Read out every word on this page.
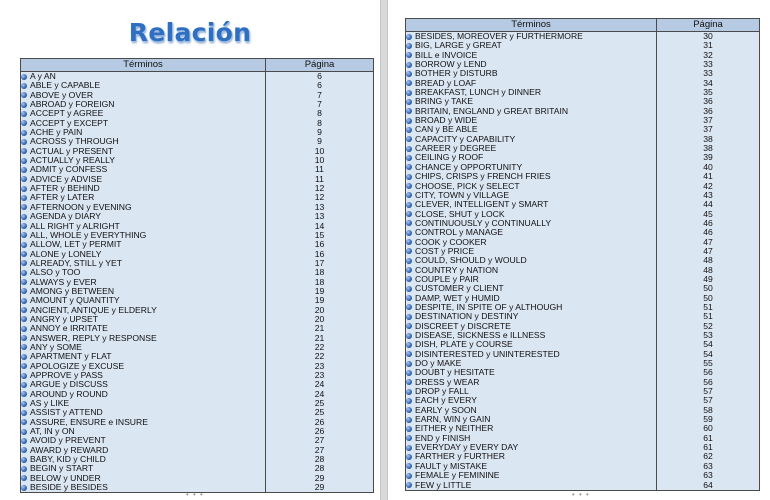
Relación
Términos	Página
A y AN	6
ABLE y CAPABLE	6
ABOVE y OVER	7
ABROAD y FOREIGN	7
ACCEPT y AGREE	8
ACCEPT y EXCEPT	8
ACHE y PAIN	9
ACROSS y THROUGH	9
ACTUAL y PRESENT	10
ACTUALLY y REALLY	10
ADMIT y CONFESS	11
ADVICE y ADVISE	11
AFTER y BEHIND	12
AFTER y LATER	12
AFTERNOON y EVENING	13
AGENDA y DIARY	13
ALL RIGHT y ALRIGHT	14
ALL, WHOLE y EVERYTHING	15
ALLOW, LET y PERMIT	16
ALONE y LONELY	16
ALREADY, STILL y YET	17
ALSO y TOO	18
ALWAYS y EVER	18
AMONG y BETWEEN	19
AMOUNT y QUANTITY	19
ANCIENT, ANTIQUE y ELDERLY	20
ANGRY y UPSET	20
ANNOY e IRRITATE	21
ANSWER, REPLY y RESPONSE	21
ANY y SOME	22
APARTMENT y FLAT	22
APOLOGIZE y EXCUSE	23
APPROVE y PASS	23
ARGUE y DISCUSS	24
AROUND y ROUND	24
AS y LIKE	25
ASSIST y ATTEND	25
ASSURE, ENSURE e INSURE	26
AT, IN y ON	26
AVOID y PREVENT	27
AWARD y REWARD	27
BABY, KID y CHILD	28
BEGIN y START	28
BELOW y UNDER	29
BESIDE y BESIDES	29
• • •
Términos	Página
BESIDES, MOREOVER y FURTHERMORE	30
BIG, LARGE y GREAT	31
BILL e INVOICE	32
BORROW y LEND	33
BOTHER y DISTURB	33
BREAD y LOAF	34
BREAKFAST, LUNCH y DINNER	35
BRING y TAKE	36
BRITAIN, ENGLAND y GREAT BRITAIN	36
BROAD y WIDE	37
CAN y BE ABLE	37
CAPACITY y CAPABILITY	38
CAREER y DEGREE	38
CEILING y ROOF	39
CHANCE y OPPORTUNITY	40
CHIPS, CRISPS y FRENCH FRIES	41
CHOOSE, PICK y SELECT	42
CITY, TOWN y VILLAGE	43
CLEVER, INTELLIGENT y SMART	44
CLOSE, SHUT y LOCK	45
CONTINUOUSLY y CONTINUALLY	46
CONTROL y MANAGE	46
COOK y COOKER	47
COST y PRICE	47
COULD, SHOULD y WOULD	48
COUNTRY y NATION	48
COUPLE y PAIR	49
CUSTOMER y CLIENT	50
DAMP, WET y HUMID	50
DESPITE, IN SPITE OF y ALTHOUGH	51
DESTINATION y DESTINY	51
DISCREET y DISCRETE	52
DISEASE, SICKNESS e ILLNESS	53
DISH, PLATE y COURSE	54
DISINTERESTED y UNINTERESTED	54
DO y MAKE	55
DOUBT y HESITATE	56
DRESS y WEAR	56
DROP y FALL	57
EACH y EVERY	57
EARLY y SOON	58
EARN, WIN y GAIN	59
EITHER y NEITHER	60
END y FINISH	61
EVERYDAY y EVERY DAY	61
FARTHER y FURTHER	62
FAULT y MISTAKE	63
FEMALE y FEMININE	63
FEW y LITTLE	64
• • •
